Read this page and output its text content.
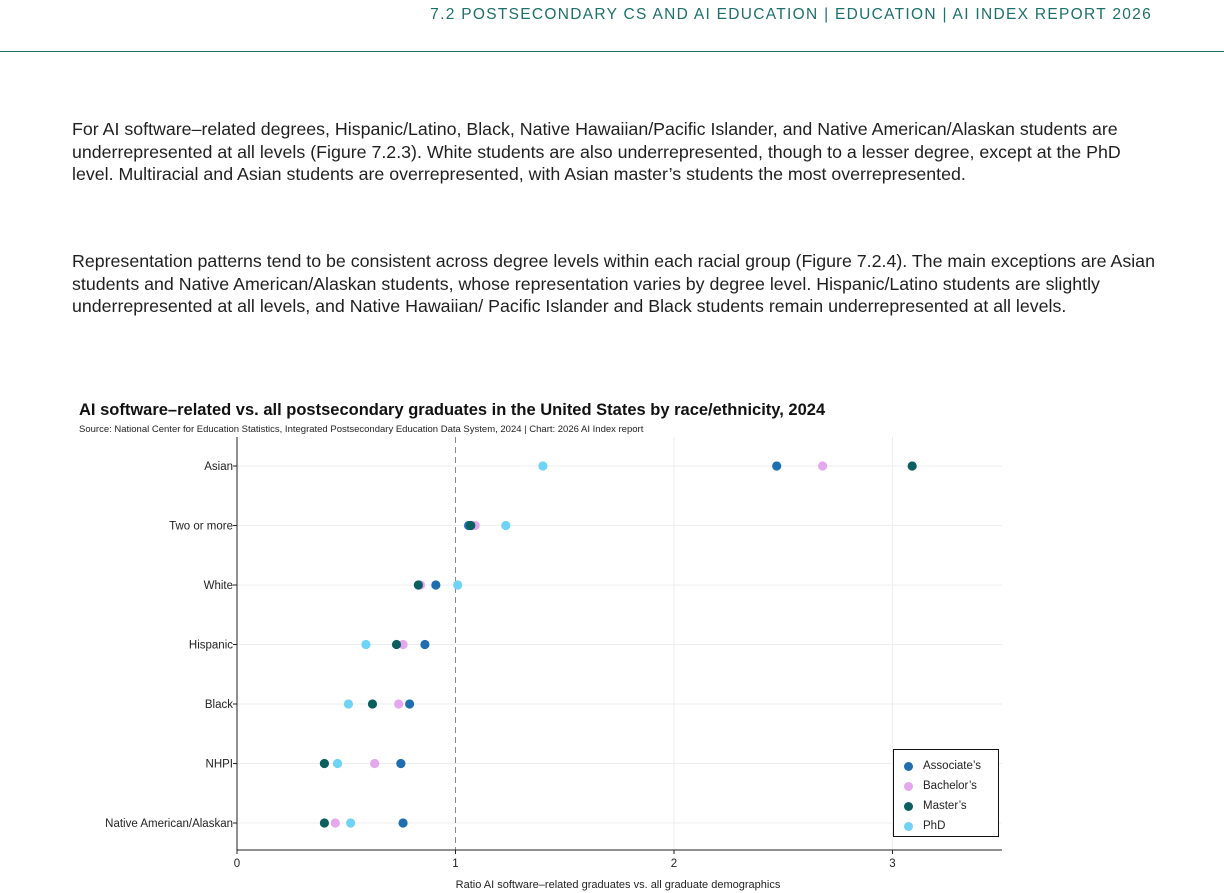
7.2 POSTSECONDARY CS AND AI EDUCATION | EDUCATION | AI INDEX REPORT 2026

For AI software–related degrees, Hispanic/Latino, Black, Native Hawaiian/Pacific Islander, and Native American/Alaskan students are underrepresented at all levels (Figure 7.2.3). White students are also underrepresented, though to a lesser degree, except at the PhD level. Multiracial and Asian students are overrepresented, with Asian master’s students the most overrepresented.

Representation patterns tend to be consistent across degree levels within each racial group (Figure 7.2.4). The main exceptions are Asian students and Native American/Alaskan students, whose representation varies by degree level. Hispanic/Latino students are slightly underrepresented at all levels, and Native Hawaiian/ Pacific Islander and Black students remain underrepresented at all levels.

AI software–related vs. all postsecondary graduates in the United States by race/ethnicity, 2024
Source: National Center for Education Statistics, Integrated Postsecondary Education Data System, 2024 | Chart: 2026 AI Index report
Asian
Two or more
White
Hispanic
Black
NHPI
Native American/Alaskan
0	1	2	3
Ratio AI software–related graduates vs. all graduate demographics
Associate’s
Bachelor’s
Master’s
PhD
